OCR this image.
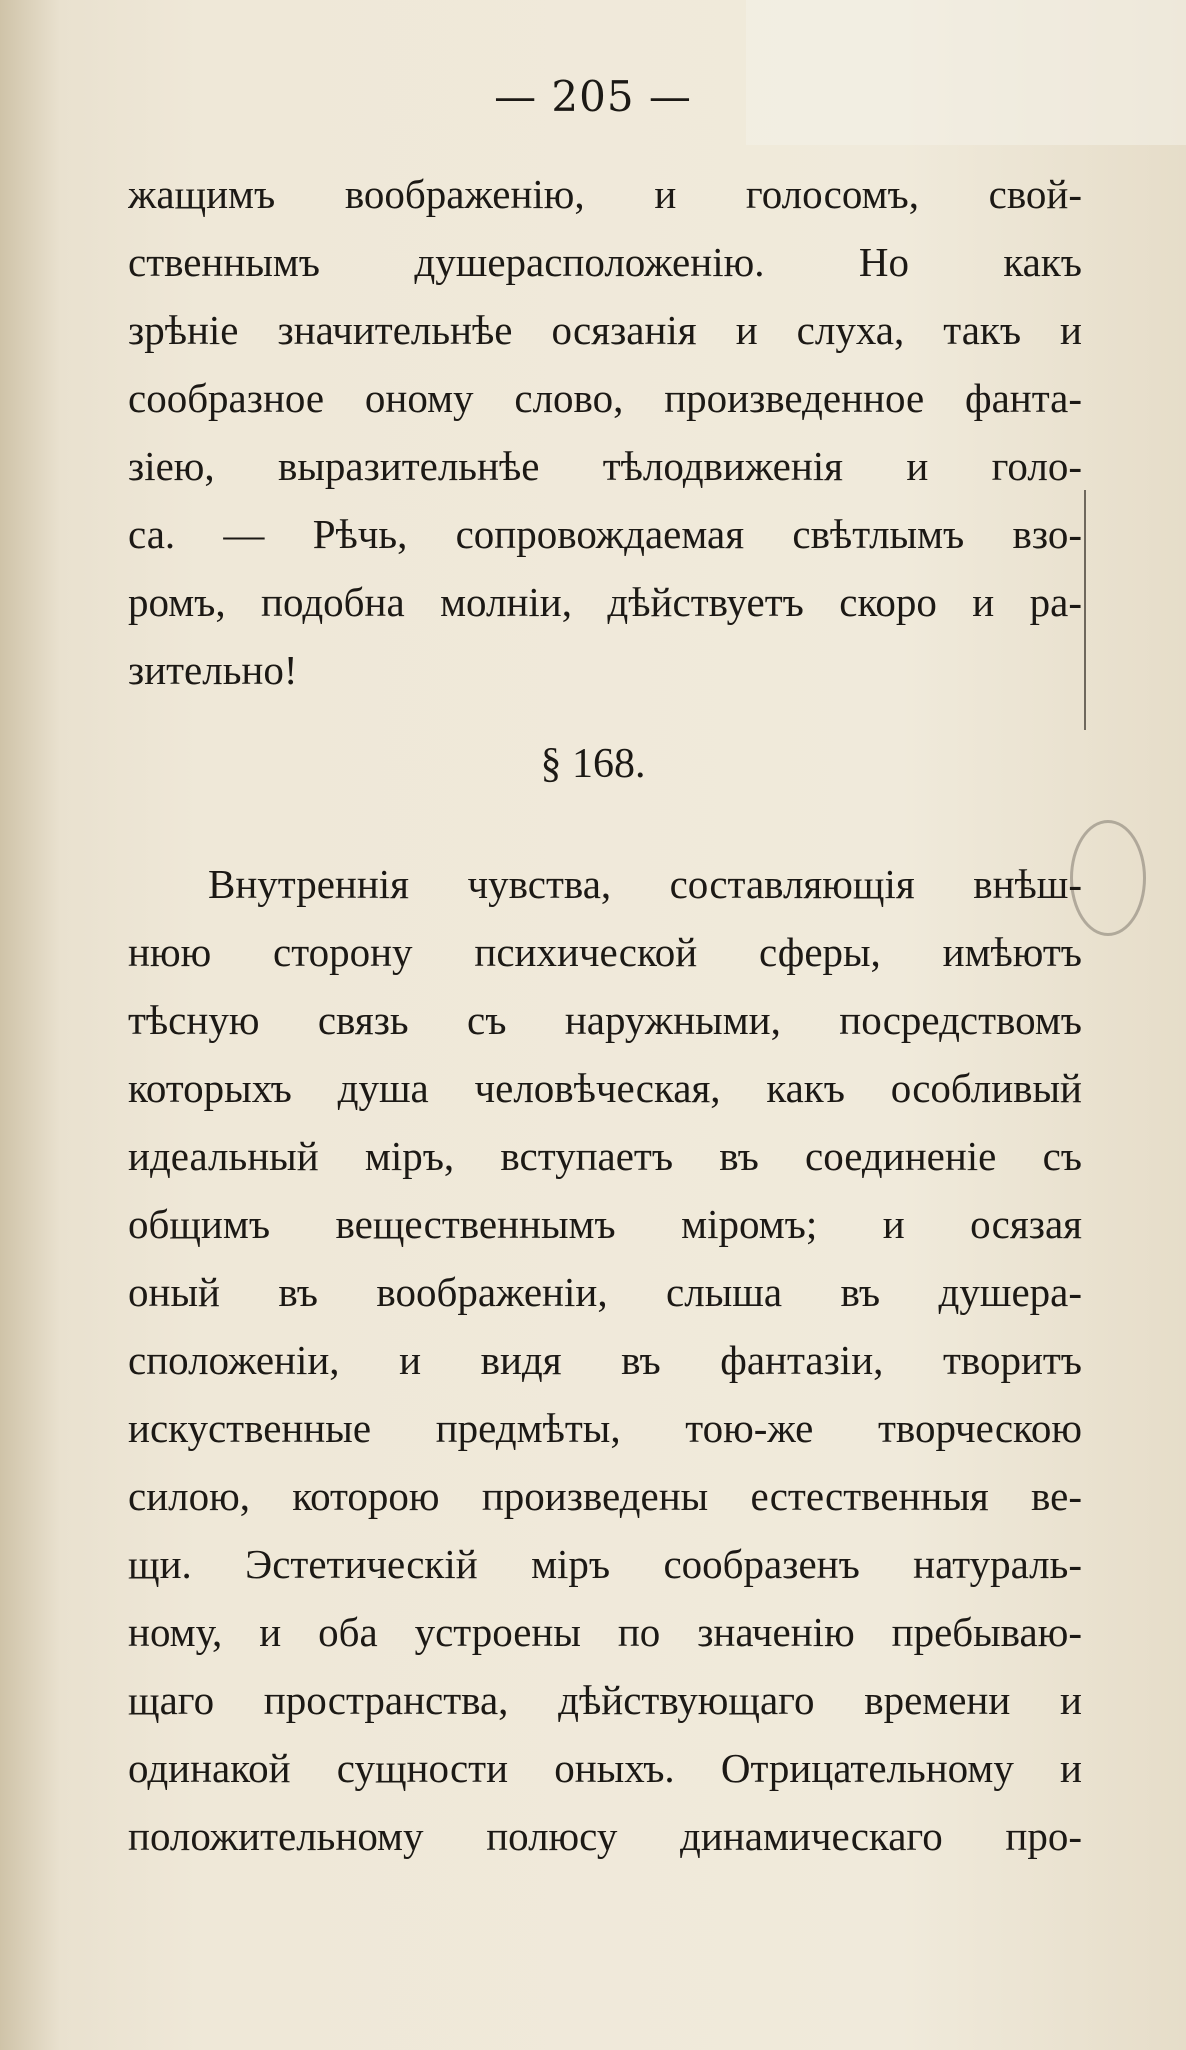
— 205 —
жащимъ воображенію, и голосомъ, свой-
ственнымъ душерасположенію. Но какъ
зрѣніе значительнѣе осязанія и слуха, такъ и
сообразное оному слово, произведенное фанта-
зіею, выразительнѣе тѣлодвиженія и голо-
са. — Рѣчь, сопровождаемая свѣтлымъ взо-
ромъ, подобна молніи, дѣйствуетъ скоро и ра-
зительно!
§ 168.
Внутреннія чувства, составляющія внѣш-
нюю сторону психической сферы, имѣютъ
тѣсную связь съ наружными, посредствомъ
которыхъ душа человѣческая, какъ особливый
идеальный міръ, вступаетъ въ соединеніе съ
общимъ вещественнымъ міромъ; и осязая
оный въ воображеніи, слыша въ душера-
сположеніи, и видя въ фантазіи, творитъ
искуственные предмѣты, тою-же творческою
силою, которою произведены естественныя ве-
щи. Эстетическій міръ сообразенъ натураль-
ному, и оба устроены по значенію пребываю-
щаго пространства, дѣйствующаго времени и
одинакой сущности оныхъ. Отрицательному и
положительному полюсу динамическаго про-
